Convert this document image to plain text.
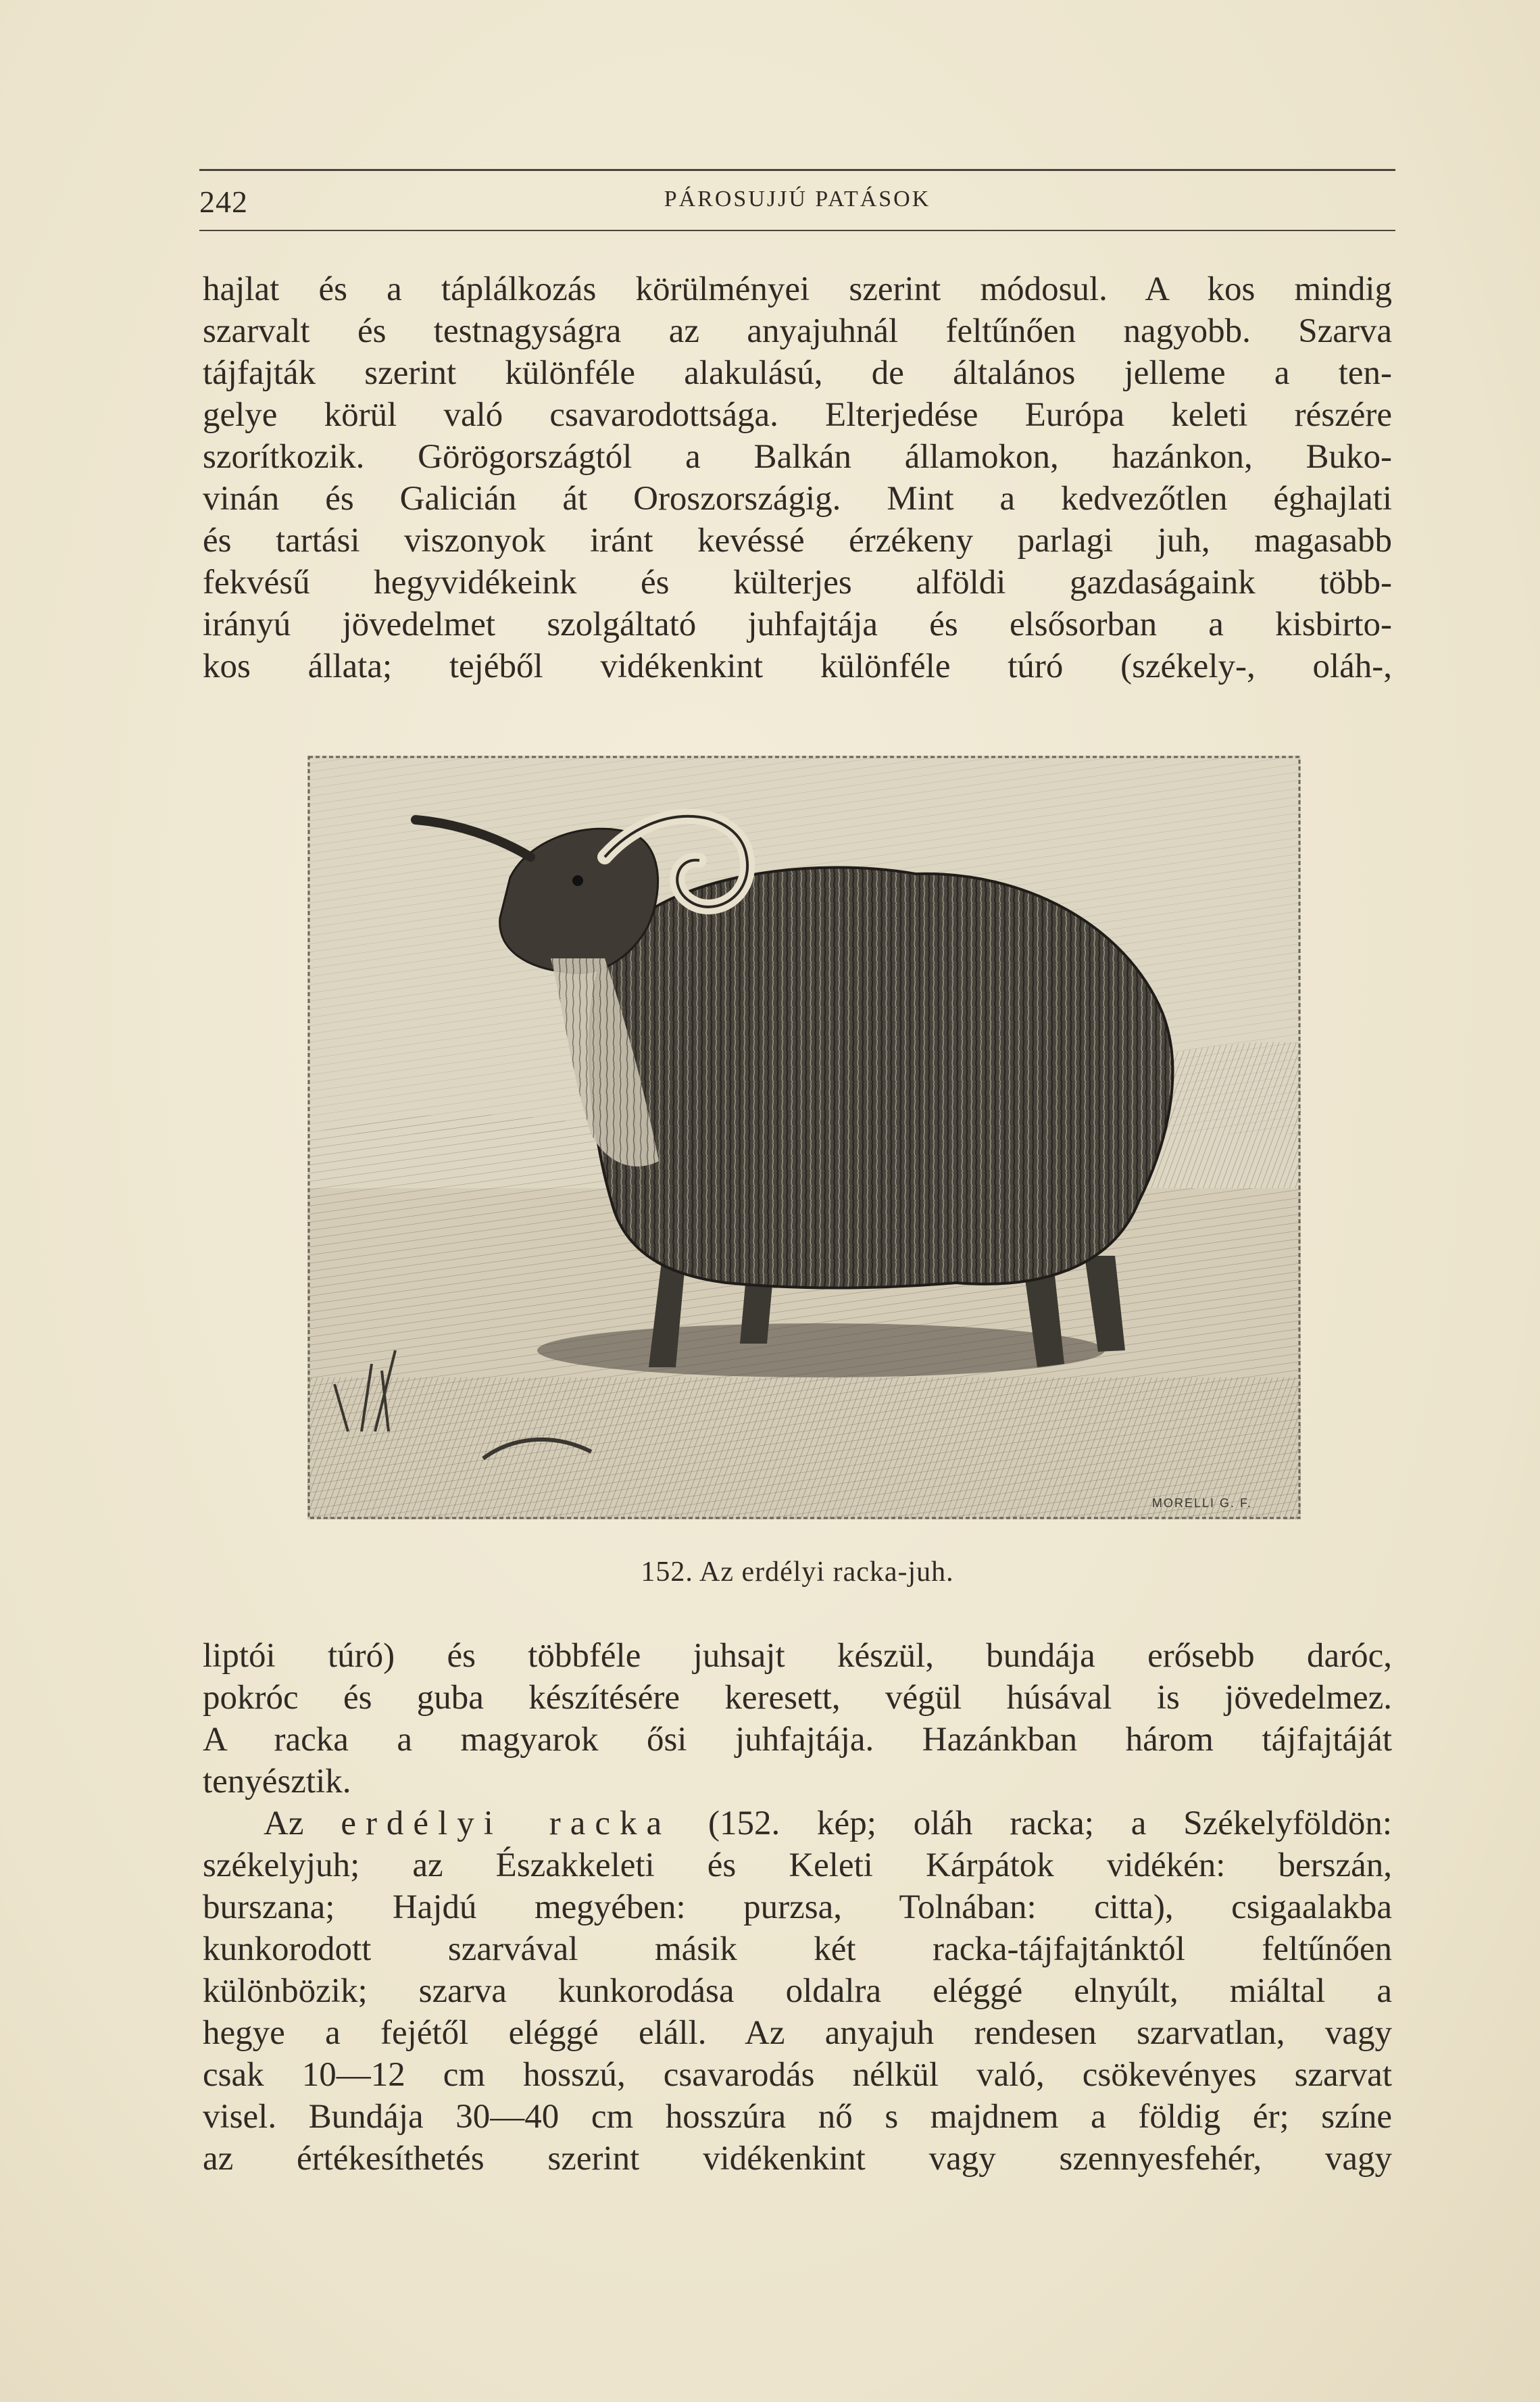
242	PÁROSUJJÚ PATÁSOK
hajlat és a táplálkozás körülményei szerint módosul. A kos mindig
szarvalt és testnagyságra az anyajuhnál feltűnően nagyobb. Szarva
tájfajták szerint különféle alakulású, de általános jelleme a ten-
gelye körül való csavarodottsága. Elterjedése Európa keleti részére
szorítkozik. Görögországtól a Balkán államokon, hazánkon, Buko-
vinán és Galicián át Oroszországig. Mint a kedvezőtlen éghajlati
és tartási viszonyok iránt kevéssé érzékeny parlagi juh, magasabb
fekvésű hegyvidékeink és külterjes alföldi gazdaságaink több-
irányú jövedelmet szolgáltató juhfajtája és elsősorban a kisbirto-
kos állata; tejéből vidékenkint különféle túró (székely-, oláh-,
MORELLI G. F.
152. Az erdélyi racka-juh.
liptói túró) és többféle juhsajt készül, bundája erősebb daróc,
pokróc és guba készítésére keresett, végül húsával is jövedelmez.
A racka a magyarok ősi juhfajtája. Hazánkban három tájfajtáját
tenyésztik.
Az erdélyi racka (152. kép; oláh racka; a Székelyföldön:
székelyjuh; az Északkeleti és Keleti Kárpátok vidékén: berszán,
burszana; Hajdú megyében: purzsa, Tolnában: citta), csigaalakba
kunkorodott szarvával másik két racka-tájfajtánktól feltűnően
különbözik; szarva kunkorodása oldalra eléggé elnyúlt, miáltal a
hegye a fejétől eléggé eláll. Az anyajuh rendesen szarvatlan, vagy
csak 10—12 cm hosszú, csavarodás nélkül való, csökevényes szarvat
visel. Bundája 30—40 cm hosszúra nő s majdnem a földig ér; színe
az értékesíthetés szerint vidékenkint vagy szennyesfehér, vagy
